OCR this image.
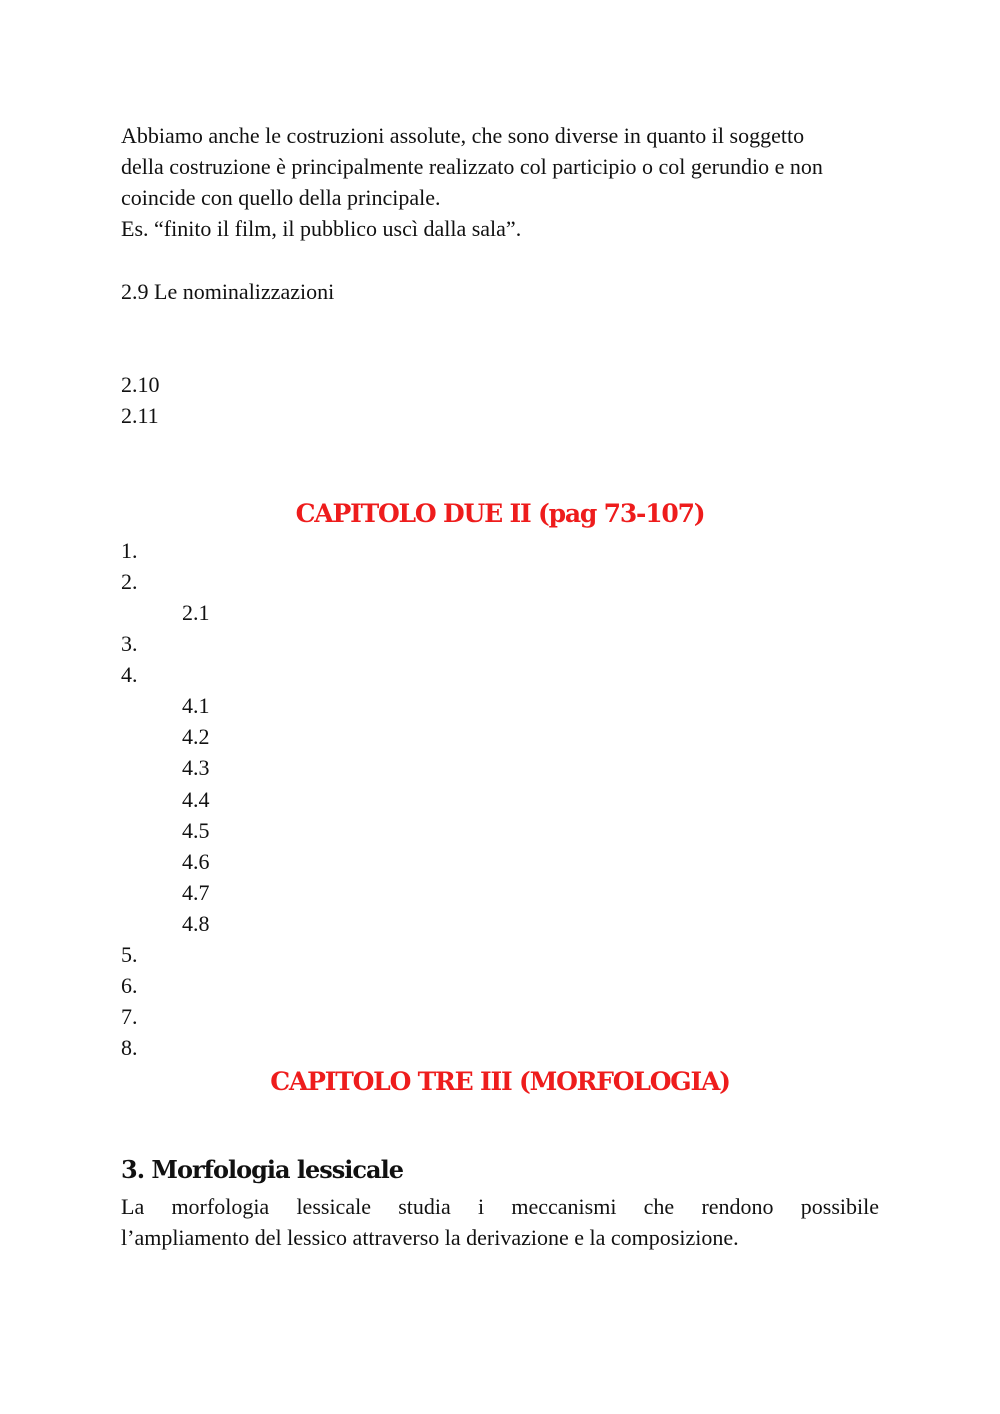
Abbiamo anche le costruzioni assolute, che sono diverse in quanto il soggetto
della costruzione è principalmente realizzato col participio o col gerundio e non
coincide con quello della principale.
Es. “finito il film, il pubblico uscì dalla sala”.
2.9 Le nominalizzazioni
2.10
2.11
CAPITOLO DUE II (pag 73-107)
1.
2.
2.1
3.
4.
4.1
4.2
4.3
4.4
4.5
4.6
4.7
4.8
5.
6.
7.
8.
CAPITOLO TRE III (MORFOLOGIA)
3. Morfologia lessicale
La morfologia lessicale studia i meccanismi che rendono possibile
l’ampliamento del lessico attraverso la derivazione e la composizione.
